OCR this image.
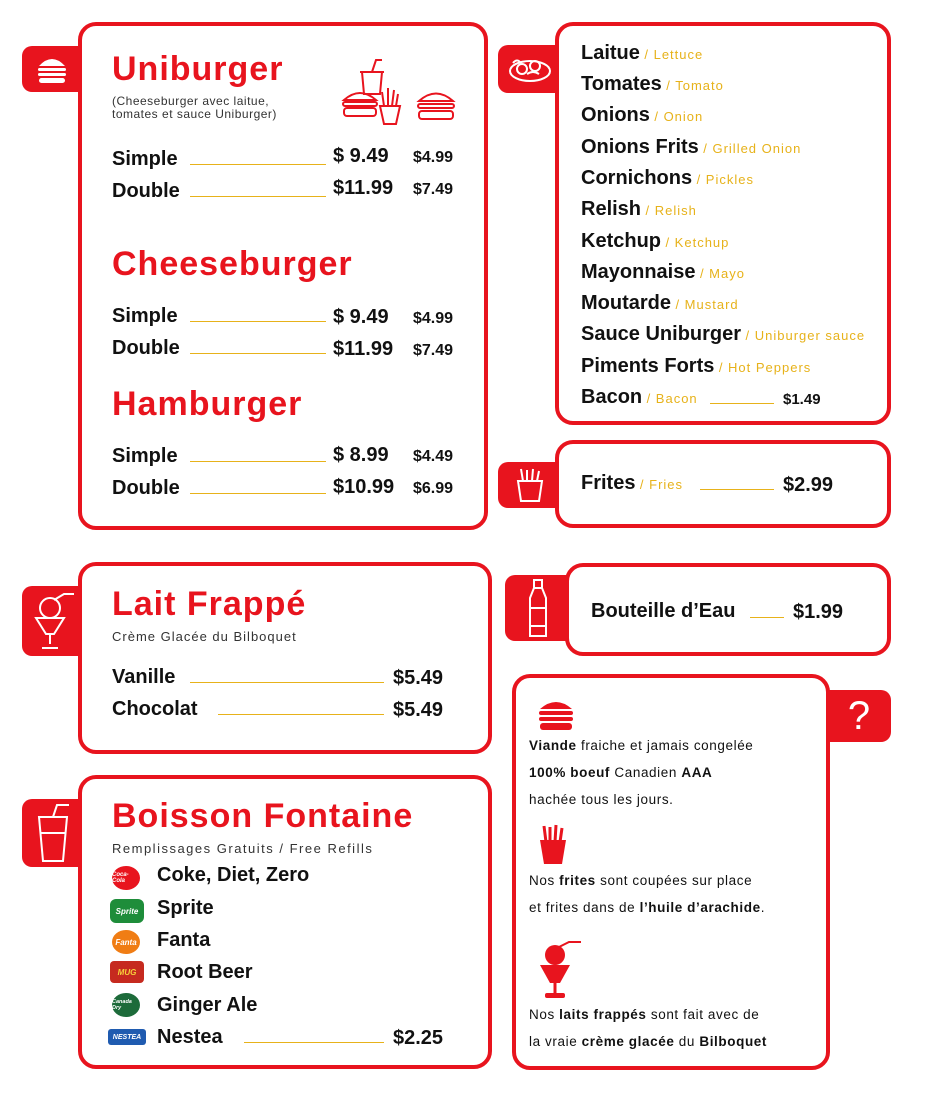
Uniburger
(Cheeseburger avec laitue,
tomates et sauce Uniburger)
Simple	$ 9.49 $4.99
Double	$11.99 $7.49
Cheeseburger
Simple	$ 9.49 $4.99
Double	$11.99 $7.49
Hamburger
Simple	$ 8.99 $4.49
Double	$10.99 $6.99
Laitue / Lettuce
Tomates / Tomato
Onions / Onion
Onions Frits / Grilled Onion
Cornichons / Pickles
Relish / Relish
Ketchup / Ketchup
Mayonnaise / Mayo
Moutarde / Mustard
Sauce Uniburger / Uniburger sauce
Piments Forts / Hot Peppers
Bacon / Bacon	$1.49
Frites / Fries	$2.99
Lait Frappé
Crème Glacée du Bilboquet
Vanille	$5.49
Chocolat	$5.49
Bouteille d’Eau	$1.99
Boisson Fontaine
Remplissages Gratuits / Free Refills
Coca-Cola
Sprite
Fanta
MUG
Canada Dry
NESTEA
Coke, Diet, Zero
Sprite
Fanta
Root Beer
Ginger Ale
Nestea	$2.25
?
Viande fraiche et jamais congelée
100% boeuf Canadien AAA
hachée tous les jours.
Nos frites sont coupées sur place
et frites dans de l’huile d’arachide.
Nos laits frappés sont fait avec de
la vraie crème glacée du Bilboquet
